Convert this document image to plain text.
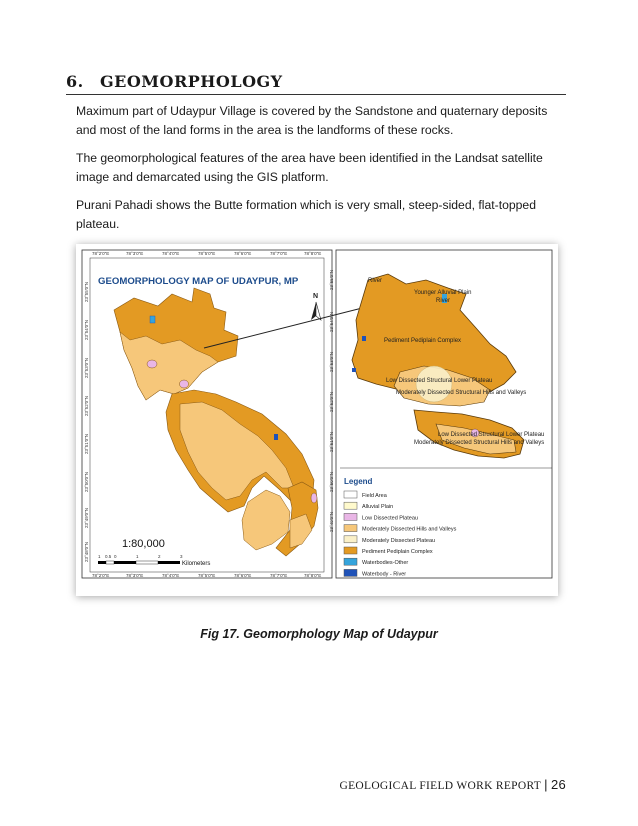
6. GEOMORPHOLOGY

Maximum part of Udaypur Village is covered by the Sandstone and quaternary deposits and most of the land forms in the area is the landforms of these rocks.

The geomorphological features of the area have been identified in the Landsat satellite image and demarcated using the GIS platform.

Purani Pahadi shows the Butte formation which is very small, steep-sided, flat-topped plateau.

78°2'0"E	78°3'0"E	78°4'0"E	78°5'0"E	78°6'0"E	78°7'0"E	78°8'0"E
78°2'0"E	78°3'0"E	78°4'0"E	78°5'0"E	78°6'0"E	78°7'0"E	78°8'0"E
23°55'0"N
23°54'0"N
23°53'0"N
23°52'0"N
23°51'0"N
23°50'0"N
23°49'0"N
23°48'0"N
GEOMORPHOLOGY MAP OF UDAYPUR, MP
N
1:80,000
1 0.5 0	1	2	3
Kilometers
23°55'0"N
23°54'0"N
23°53'0"N
23°52'0"N
23°51'0"N
23°50'0"N
23°49'0"N
River
Younger Alluvial Plain
River
Pediment Pediplain Complex
Low Dissected Structural Lower Plateau
Moderately Dissected Structural Hills and Valleys
Low Dissected Structural Lower Plateau
Moderately Dissected Structural Hills and Valleys
Legend
Field Area
Alluvial Plain
Low Dissected Plateau
Moderately Dissected Hills and Valleys
Moderately Dissected Plateau
Pediment Pediplain Complex
Waterbodies-Other
Waterbody - River
Fig 17. Geomorphology Map of Udaypur
GEOLOGICAL FIELD WORK REPORT | 26
